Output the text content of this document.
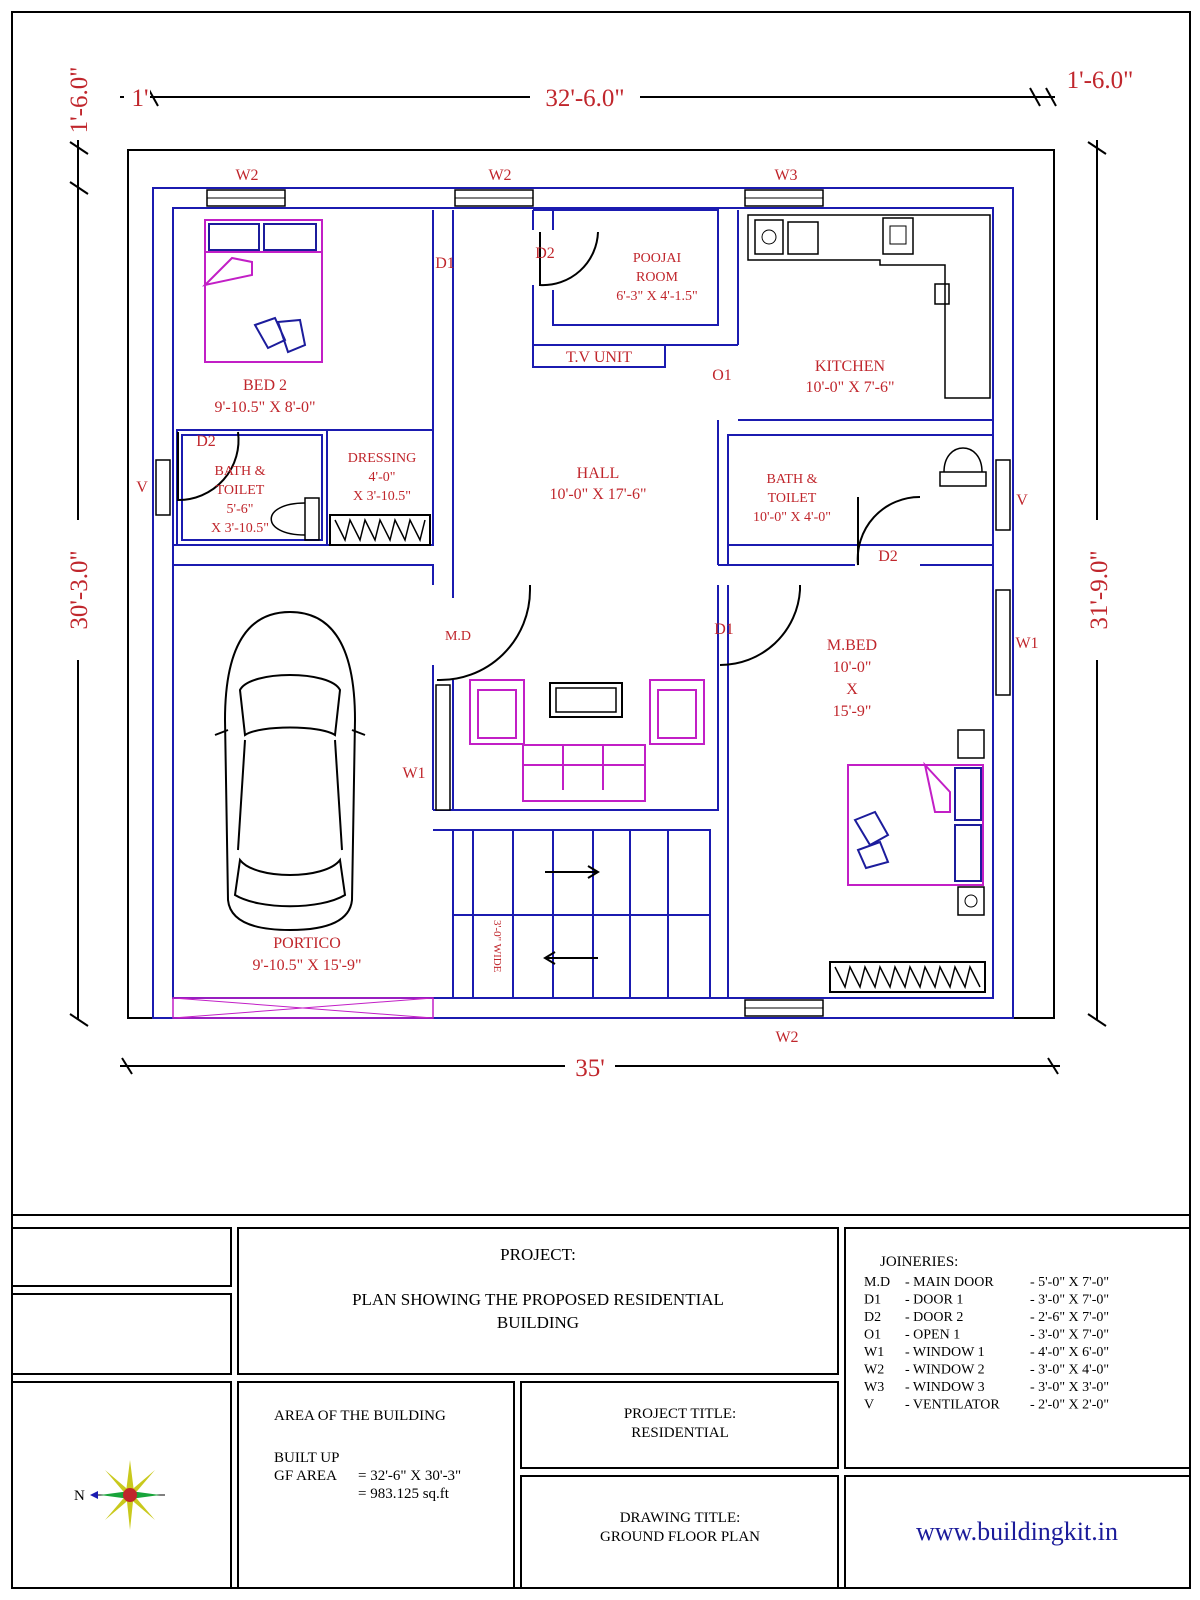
32'-6.0"
1'
1'-6.0"
30'-3.0"
1'-6.0"
31'-9.0"
35'
3'-0" WIDE
BED 2
9'-10.5" X 8'-0"
BATH &
TOILET
5'-6"
X 3'-10.5"
DRESSING
4'-0"
X 3'-10.5"
POOJAI
ROOM
6'-3" X 4'-1.5"
T.V UNIT
KITCHEN
10'-0" X 7'-6"
HALL
10'-0" X 17'-6"
BATH &
TOILET
10'-0" X 4'-0"
M.BED
10'-0"
X
15'-9"
PORTICO
9'-10.5" X 15'-9"
W2	W2	W3
W2
D1
D2
D2
O1
V
V
D2
W1
M.D	D1
W1
PROJECT:
PLAN SHOWING THE PROPOSED RESIDENTIAL
BUILDING
AREA OF THE BUILDING
BUILT UP
GF AREA = 32'-6" X 30'-3"
= 983.125 sq.ft
PROJECT TITLE:
RESIDENTIAL
DRAWING TITLE:
GROUND FLOOR PLAN
JOINERIES:
M.D - MAIN DOOR	- 5'-0" X 7'-0"
D1 - DOOR 1	- 3'-0" X 7'-0"
D2 - DOOR 2	- 2'-6" X 7'-0"
O1 - OPEN 1	- 3'-0" X 7'-0"
W1 - WINDOW 1	- 4'-0" X 6'-0"
W2 - WINDOW 2	- 3'-0" X 4'-0"
W3 - WINDOW 3	- 3'-0" X 3'-0"
V - VENTILATOR - 2'-0" X 2'-0"
www.buildingkit.in
N
